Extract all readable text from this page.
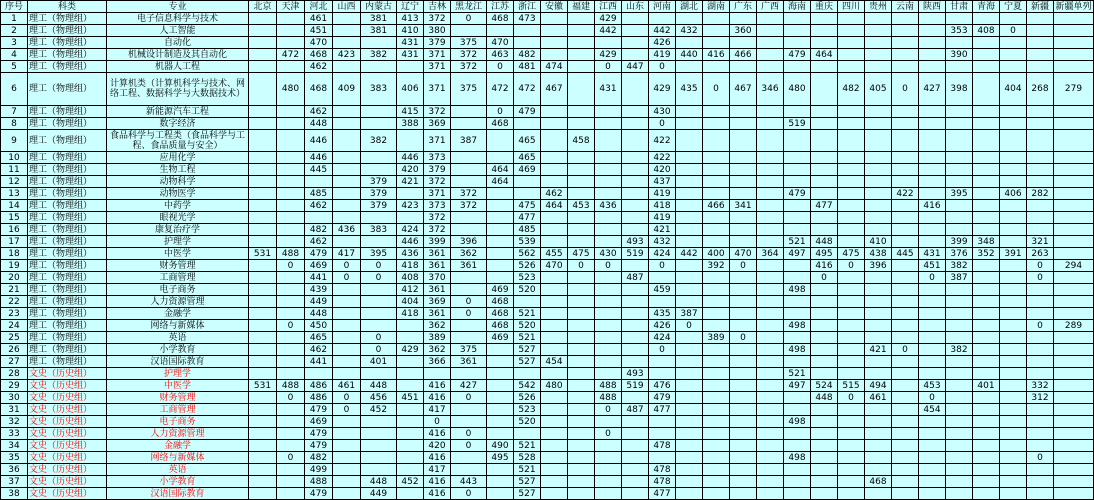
序号	科类	专业	北京	天津	河北	山西	内蒙古	辽宁	吉林	黑龙江	江苏	浙江	安徽	福建	江西	山东	河南	湖北	湖南	广东	广西	海南	重庆	四川	贵州	云南	陕西	甘肃	青海	宁夏	新疆	新疆单列
1	理工（物理组）	电子信息科学与技术			461		381	413	372	0	468	473			429																	
2	理工（物理组）	人工智能			451		381	410	380						442		442	432		360								353	408	0		
3	理工（物理组）	自动化			470			431	379	375	470						426															
4	理工（物理组）	机械设计制造及其自动化		472	468	423	382	431	371	372	463	482			429		419	440	416	466		479	464					390				
5	理工（物理组）	机器人工程			462				371	372	0	481	474		0	447	0															
6	理工（物理组）	计算机类（计算机科学与技术、网络工程、数据科学与大数据技术）		480	468	409	383	406	371	375	472	472	467		431		429	435	0	467	346	480		482	405	0	427	398		404	268	279
7	理工（物理组）	新能源汽车工程			462			415	372		0	479					430															
8	理工（物理组）	数字经济			448			388	369		468						0					519										
9	理工（物理组）	食品科学与工程类（食品科学与工程、食品质量与安全）			446		382		371	387		465		458			422															
10	理工（物理组）	应用化学			446			446	373			465					422															
11	理工（物理组）	生物工程			445			420	379		464	469					420															
12	理工（物理组）	动物科学					379	421	372		464						437															
13	理工（物理组）	动物医学			485		379		371	372			462				419					479				422		395		406	282	
14	理工（物理组）	中药学			462		379	423	373	372		475	464	453	436		418		466	341			477				416					
15	理工（物理组）	眼视光学							372			477					419															
16	理工（物理组）	康复治疗学			482	436	383	424	372			485					421															
17	理工（物理组）	护理学			462			446	399	396		539				493	432					521	448		410			399	348		321	
18	理工（物理组）	中医学	531	488	479	417	395	436	361	362		562	455	475	430	519	424	442	400	470	364	497	495	475	438	445	431	376	352	391	263	
19	理工（物理组）	财务管理		0	469	0	0	418	361	361		526	470	0	0		0		392	0			416	0	396		451	382			0	294
20	理工（物理组）	工商管理			441	0	0	408	370			523				487							0				0	387			0	
21	理工（物理组）	电子商务			439			412	361		469	520					459					498										
22	理工（物理组）	人力资源管理			449			404	369	0	468																					
23	理工（物理组）	金融学			448			418	361	0	468	521					435	387														
24	理工（物理组）	网络与新媒体		0	450				362		468	520					426	0				498									0	289
25	理工（物理组）	英语			465		0		389		469	521					424		389	0												
26	理工（物理组）	小学教育			462		0	429	362	375		527					0					498			421	0		382				
27	理工（物理组）	汉语国际教育			441		401		366	361		527	454																			
28	文史（历史组）	护理学														493						521										
29	文史（历史组）	中医学	531	488	486	461	448		416	427		542	480		488	519	476					497	524	515	494		453		401		332	
30	文史（历史组）	财务管理		0	486	0	456	451	416	0		526			488		479						448	0	461		0				312	
31	文史（历史组）	工商管理			479	0	452		417			523			0	487	477										454					
32	文史（历史组）	电子商务			469				0			520										498										
33	文史（历史组）	人力资源管理			479				416	0					0																	
34	文史（历史组）	金融学			479				420	0	490	521					478															
35	文史（历史组）	网络与新媒体		0	482				416		495	528										498									0	
36	文史（历史组）	英语			499				417			521					478															
37	文史（历史组）	小学教育			488		448	452	416	443		527					478								468							
38	文史（历史组）	汉语国际教育			479		449		416	0		527					477															
